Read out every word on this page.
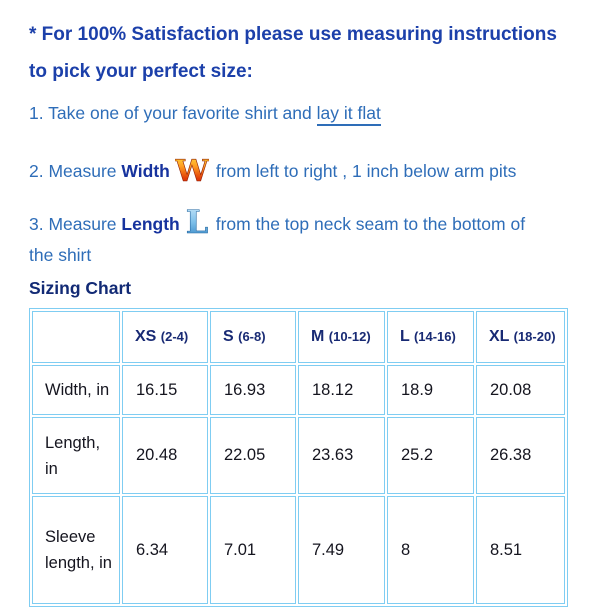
* For 100% Satisfaction please use measuring instructions
to pick your perfect size:
1. Take one of your favorite shirt and lay it flat
2. Measure Width W from left to right , 1 inch below arm pits
3. Measure Length L from the top neck seam to the bottom of
the shirt
Sizing Chart
	XS (2-4)	S (6-8)	M (10-12)	L (14-16)	XL (18-20)
Width, in	16.15	16.93	18.12	18.9	20.08
Length, in	20.48	22.05	23.63	25.2	26.38
Sleeve length, in	6.34	7.01	7.49	8	8.51
